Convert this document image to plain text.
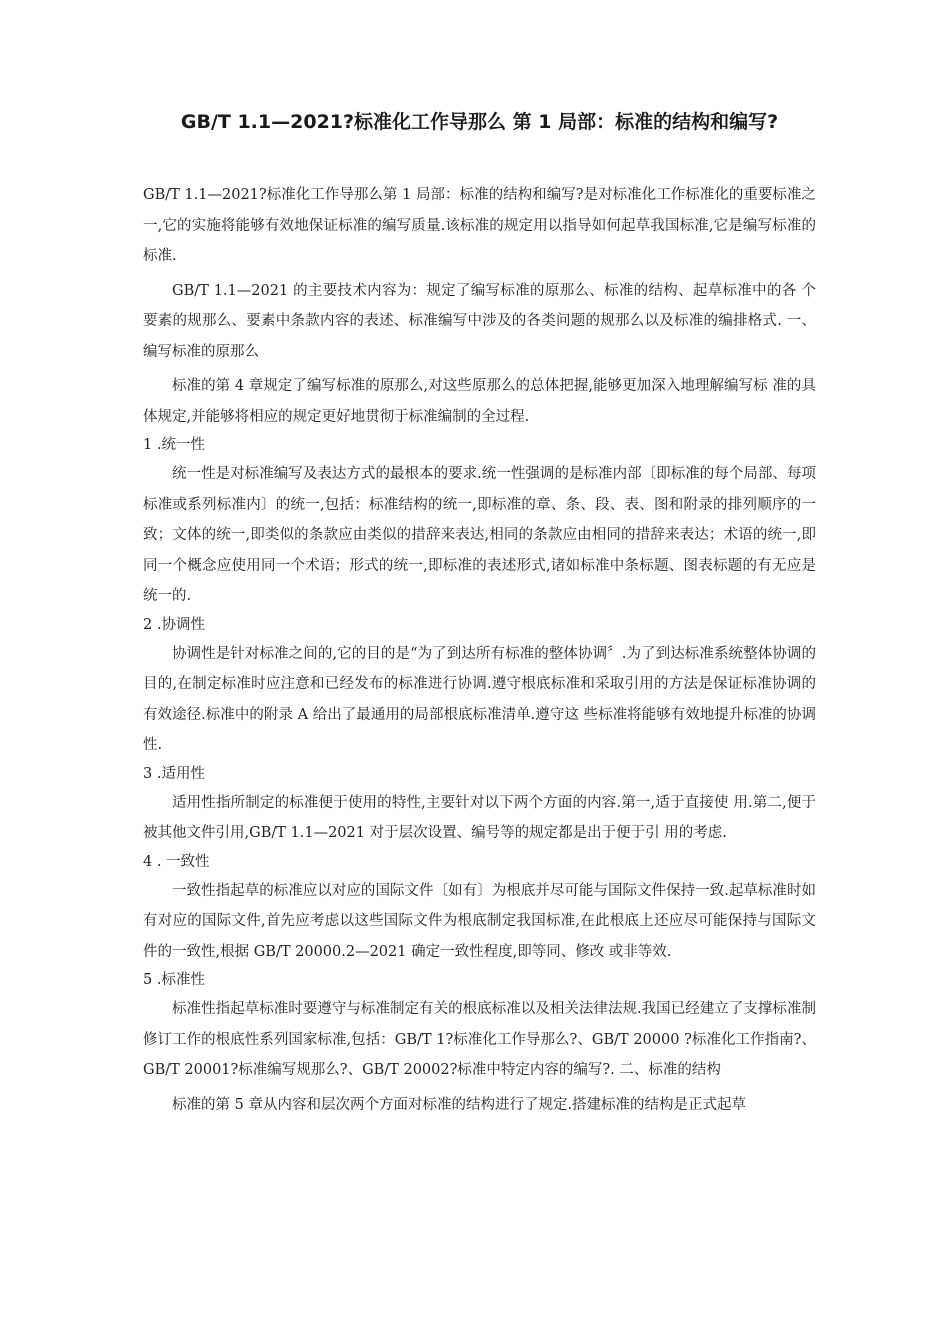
GB/T 1.1—2021?标准化工作导那么 第 1 局部：标准的结构和编写?

GB/T 1.1—2021?标准化工作导那么第 1 局部：标准的结构和编写?是对标准化工作标准化的重要标准之一,它的实施将能够有效地保证标准的编写质量.该标准的规定用以指导如何起草我国标准,它是编写标准的标准.

GB/T 1.1—2021 的主要技术内容为：规定了编写标准的原那么、标准的结构、起草标准中的各 个要素的规那么、要素中条款内容的表述、标准编写中涉及的各类问题的规那么以及标准的编排格式. 一、编写标准的原那么

标准的第 4 章规定了编写标准的原那么,对这些原那么的总体把握,能够更加深入地理解编写标 准的具体规定,并能够将相应的规定更好地贯彻于标准编制的全过程.

1 .统一性

统一性是对标准编写及表达方式的最根本的要求.统一性强调的是标准内部〔即标准的每个局部、每项标准或系列标准内〕的统一,包括：标准结构的统一,即标准的章、条、段、表、图和附录的排列顺序的一致；文体的统一,即类似的条款应由类似的措辞来表达,相同的条款应由相同的措辞来表达；术语的统一,即同一个概念应使用同一个术语；形式的统一,即标准的表述形式,诸如标准中条标题、图表标题的有无应是统一的.

2 .协调性

协调性是针对标准之间的,它的目的是“为了到达所有标准的整体协调〞.为了到达标准系统整体协调的目的,在制定标准时应注意和已经发布的标准进行协调.遵守根底标准和采取引用的方法是保证标准协调的有效途径.标准中的附录 A 给出了最通用的局部根底标准清单.遵守这 些标准将能够有效地提升标准的协调性.

3 .适用性

适用性指所制定的标准便于使用的特性,主要针对以下两个方面的内容.第一,适于直接使 用.第二,便于被其他文件引用,GB/T 1.1—2021 对于层次设置、编号等的规定都是出于便于引 用的考虑.

4 . 一致性

一致性指起草的标准应以对应的国际文件〔如有〕为根底并尽可能与国际文件保持一致.起草标准时如有对应的国际文件,首先应考虑以这些国际文件为根底制定我国标准,在此根底上还应尽可能保持与国际文件的一致性,根据 GB/T 20000.2—2021 确定一致性程度,即等同、修改 或非等效.

5 .标准性

标准性指起草标准时要遵守与标准制定有关的根底标准以及相关法律法规.我国已经建立了支撑标准制修订工作的根底性系列国家标准,包括：GB/T 1?标准化工作导那么?、GB/T 20000 ?标准化工作指南?、GB/T 20001?标准编写规那么?、GB/T 20002?标准中特定内容的编写?. 二、标准的结构

标准的第 5 章从内容和层次两个方面对标准的结构进行了规定.搭建标准的结构是正式起草
